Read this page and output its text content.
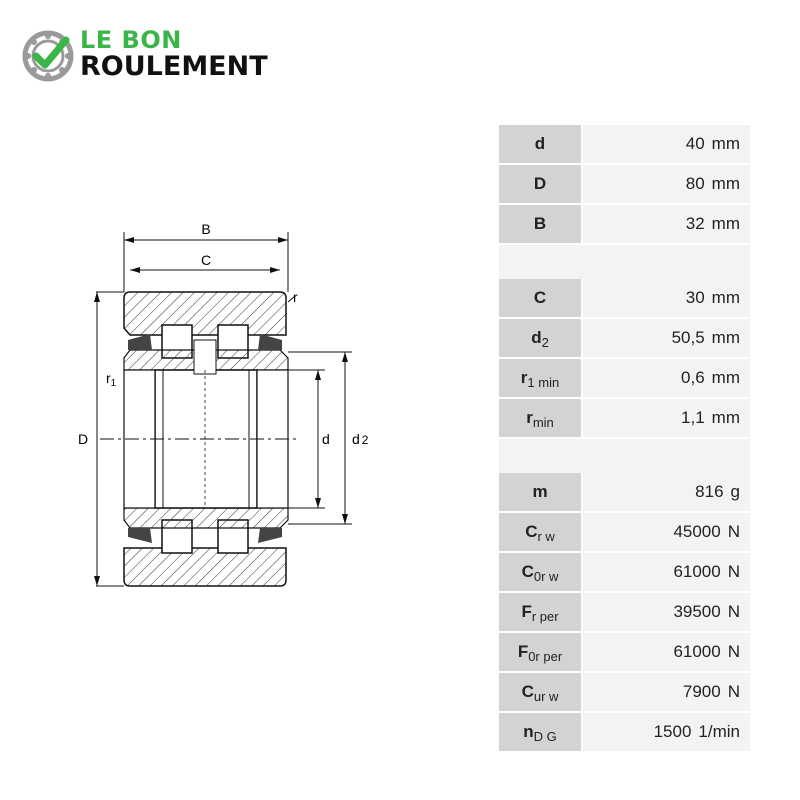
LE BON
ROULEMENT
B
C
r
$r_1$
D	d d 2
d	40 mm
D	80 mm
B	32 mm
C	30 mm
$d_2$	50,5 mm
$r_{1 min}$	0,6 mm
$r_{min}$	1,1 mm
m	816 g
$C_{r w}$	45000 N
$C_{0r w}$	61000 N
$F_{r per}$	39500 N
$F_{0r per}$	61000 N
$C_{ur w}$	7900 N
$n_{D G}$	1500 1/min
